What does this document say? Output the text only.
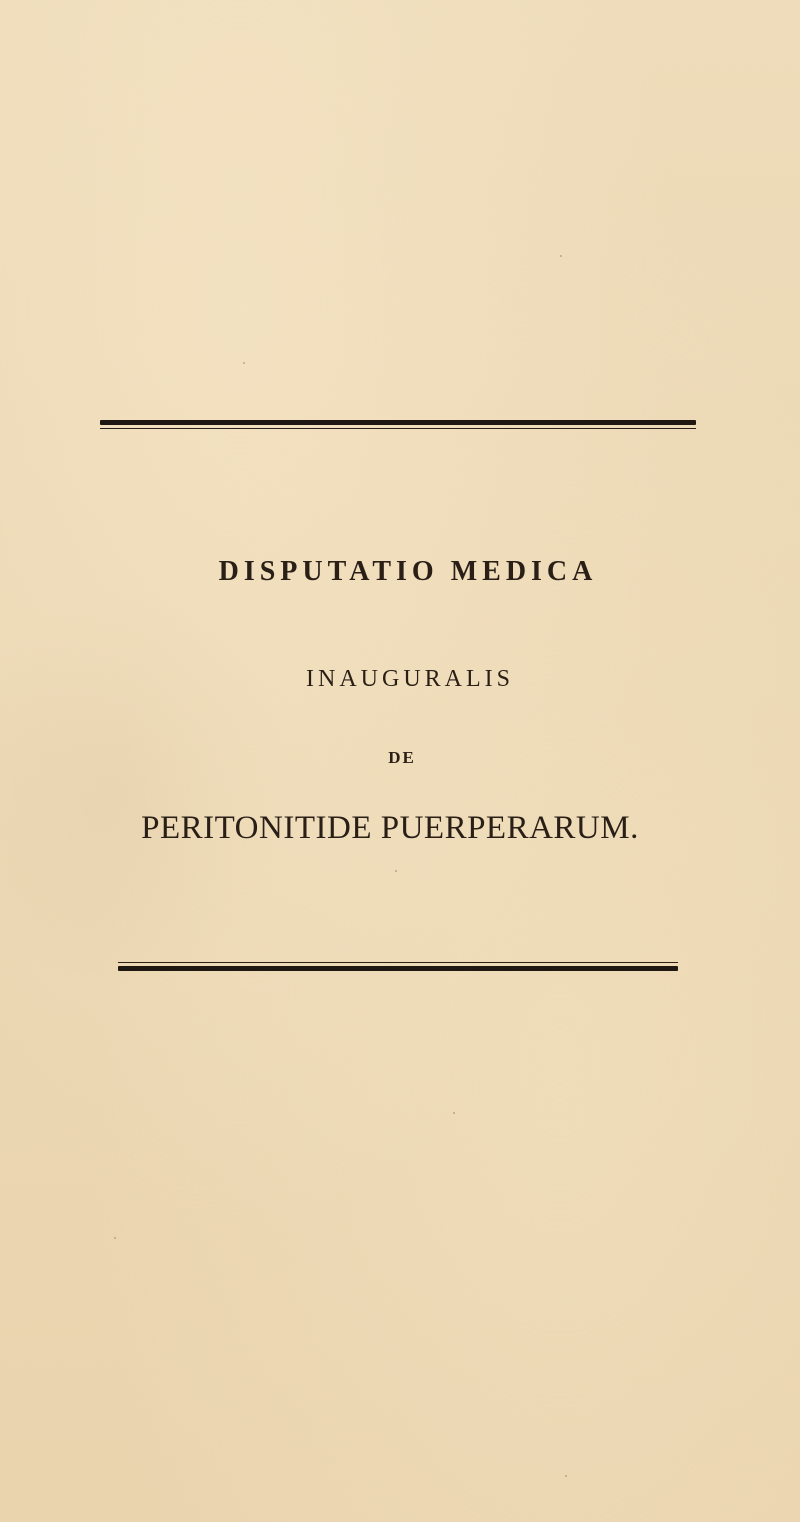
DISPUTATIO MEDICA
INAUGURALIS
DE
PERITONITIDE PUERPERARUM.
